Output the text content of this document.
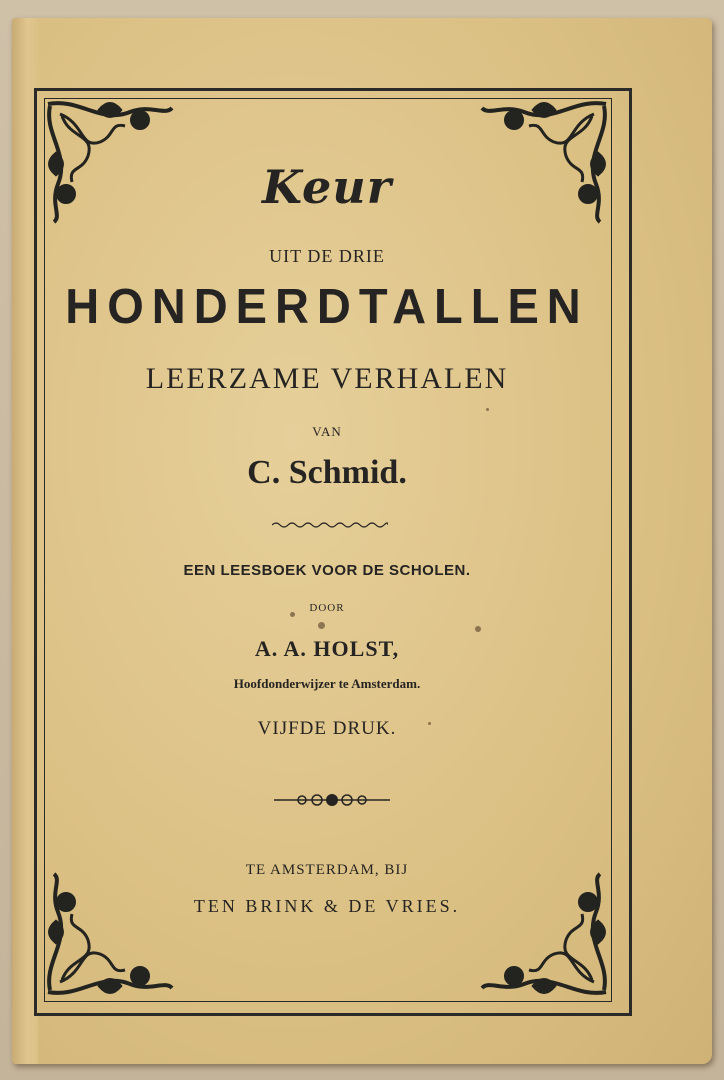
Keur
UIT DE DRIE
HONDERDTALLEN
LEERZAME VERHALEN
VAN
C. Schmid.
EEN LEESBOEK VOOR DE SCHOLEN.
DOOR
A. A. HOLST,
Hoofdonderwijzer te Amsterdam.
VIJFDE DRUK.
TE AMSTERDAM, BIJ
TEN BRINK & DE VRIES.
